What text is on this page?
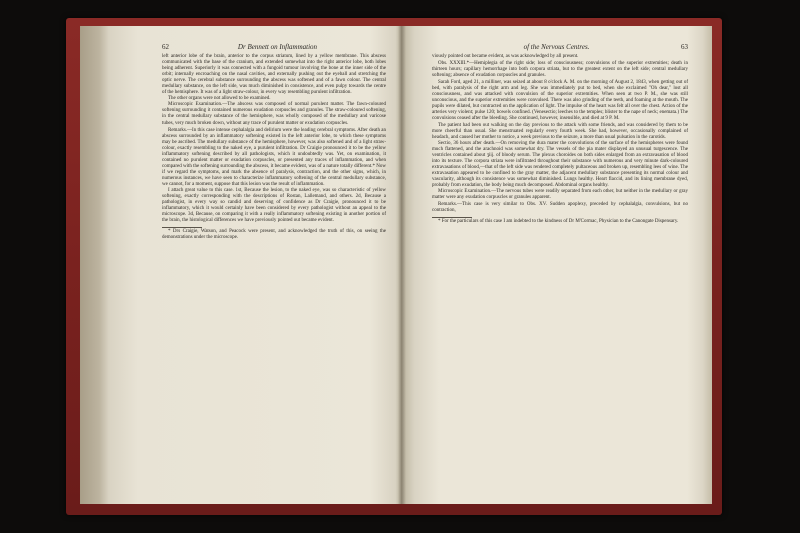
62	Dr Bennett on Inflammation

left anterior lobe of the brain, anterior to the corpus striatum, lined by a yellow membrane. This abscess communicated with the base of the cranium, and extended somewhat into the right anterior lobe, both lobes being adherent. Superiorly it was connected with a fungoid tumour involving the bone at the inner side of the orbit; internally encroaching on the nasal cavities, and externally pushing out the eyeball and stretching the optic nerve. The cerebral substance surrounding the abscess was softened and of a fawn colour. The central medullary substance, on the left side, was much diminished in consistence, and even pulpy towards the centre of the hemisphere. It was of a light straw-colour, in every way resembling purulent infiltration.

The other organs were not allowed to be examined.

Microscopic Examination.—The abscess was composed of normal purulent matter. The fawn-coloured softening surrounding it contained numerous exudation corpuscles and granules. The straw-coloured softening, in the central medullary substance of the hemisphere, was wholly composed of the medullary and varicose tubes, very much broken down, without any trace of purulent matter or exudation corpuscles.

Remarks.—In this case intense cephalalgia and delirium were the leading cerebral symptoms. After death an abscess surrounded by an inflammatory softening existed in the left anterior lobe, to which these symptoms may be ascribed. The medullary substance of the hemisphere, however, was also softened and of a light straw-colour, exactly resembling to the naked eye, a purulent infiltration. Dr Craigie pronounced it to be the yellow inflammatory softening described by all pathologists, which it undoubtedly was. Yet, on examination, it contained no purulent matter or exudation corpuscles, or presented any traces of inflammation, and when compared with the softening surrounding the abscess, it became evident, was of a nature totally different.* Now if we regard the symptoms, and mark the absence of paralysis, contraction, and the other signs, which, in numerous instances, we have seen to characterize inflammatory softening of the central medullary substance, we cannot, for a moment, suppose that this lesion was the result of inflammation.

I attach great value to this case. 1st, Because the lesion, to the naked eye, was so characteristic of yellow softening, exactly corresponding with the descriptions of Rostan, Lallemand, and others. 2d, Because a pathologist, in every way so candid and deserving of confidence as Dr Craigie, pronounced it to be inflammatory, which it would certainly have been considered by every pathologist without an appeal to the microscope. 3d, Because, on comparing it with a really inflammatory softening existing in another portion of the brain, the histological differences we have previously pointed out became evident.

* Drs Craigie, Watson, and Peacock were present, and acknowledged the truth of this, on seeing the demonstrations under the microscope.

of the Nervous Centres.	63

viously pointed out became evident, as was acknowledged by all present.

Obs. XXXIII.*—Hemiplegia of the right side; loss of consciousness; convulsions of the superior extremities; death in thirteen hours; capillary hemorrhage into both corpora striata, but to the greatest extent on the left side; central medullary softening; absence of exudation corpuscles and granules.

Sarah Ford, aged 21, a milliner, was seized at about 8 o'clock A. M. on the morning of August 2, 1843, when getting out of bed, with paralysis of the right arm and leg. She was immediately put to bed, when she exclaimed "Oh dear," lost all consciousness, and was attacked with convulsion of the superior extremities. When seen at two P. M., she was still unconscious, and the superior extremities were convulsed. There was also grinding of the teeth, and foaming at the mouth. The pupils were dilated, but contracted on the application of light. The impulse of the heart was felt all over the chest. Action of the arteries very violent; pulse 120; bowels confined. (Venesectio; leeches to the temples; blister to the nape of neck; enemata.) The convulsions ceased after the bleeding. She continued, however, insensible, and died at 9 P. M.

The patient had been out walking on the day previous to the attack with some friends, and was considered by them to be more cheerful than usual. She menstruated regularly every fourth week. She had, however, occasionally complained of headach, and caused her mother to notice, a week previous to the seizure, a more than usual pulsation in the carotids.

Sectio, 36 hours after death.—On removing the dura mater the convolutions of the surface of the hemispheres were found much flattened, and the arachnoid was somewhat dry. The vessels of the pia mater displayed an unusual turgescence. The ventricles contained about ʒiij. of bloody serum. The plexus choroides on both sides enlarged from an extravasation of blood into its texture. The corpora striata were infiltrated throughout their substance with numerous and very minute dark-coloured extravasations of blood,—that of the left side was rendered completely pultaceous and broken up, resembling lees of wine. The extravasation appeared to be confined to the gray matter, the adjacent medullary substance presenting its normal colour and vascularity, although its consistence was somewhat diminished. Lungs healthy. Heart flaccid, and its lining membrane dyed, probably from exudation, the body being much decomposed. Abdominal organs healthy.

Microscopic Examination.—The nervous tubes were readily separated from each other, but neither in the medullary or gray matter were any exudation corpuscles or granules apparent.

Remarks.—This case is very similar to Obs. XV. Sudden apoplexy, preceded by cephalalgia, convulsions, but no contraction,

* For the particulars of this case I am indebted to the kindness of Dr M'Cormac, Physician to the Canongate Dispensary.
